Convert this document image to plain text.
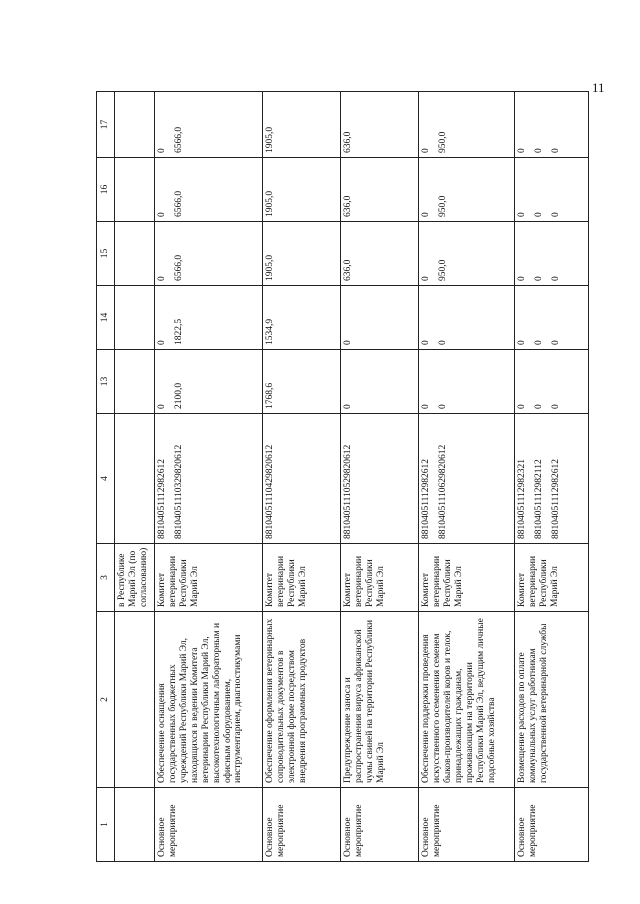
11
1	2	3	4	13	14	15	16	17
		в Республике Марий Эл (по согласованию)						
Основное мероприятие	Обеспечение оснащения государственных бюджетных учреждений Республики Марий Эл, находящихся в ведении Комитета ветеринарии Республики Марий Эл, высокотехнологичным лабораторным и офисным оборудованием, инструментарием, диагностикумами	Комитет ветеринарии Республики Марий Эл	88104051112982612 88104051110329820612	0 2100,0	0 1822,5	0 6566,0	0 6566,0	0 6566,0

Основное мероприятие	Обеспечение оформления ветеринарных сопроводительных документов в электронной форме посредством внедрения программных продуктов	Комитет ветеринарии Республики Марий Эл	88104051110429820612	1768,6	1534,9	1905,0	1905,0	1905,0
Основное мероприятие	Предупреждение заноса и распространения вируса африканской чумы свиней на территории Республики Марий Эл	Комитет ветеринарии Республики Марий Эл	88104051110529820612	0	0	636,0	636,0	636,0
Основное мероприятие	Обеспечение поддержки проведения искусственного осеменения семенем быков-производителей коров и телок, принадлежащих гражданам, проживающим на территории Республики Марий Эл, ведущим личные подсобные хозяйства	Комитет ветеринарии Республики Марий Эл	88104051112982612 88104051110629820612	0 0	0 0	0 950,0	0 950,0	0 950,0

Основное мероприятие	Возмещение расходов по оплате коммунальных услуг работникам государственной ветеринарной службы	Комитет ветеринарии Республики Марий Эл	88104051112982321 88104051112982112 88104051112982612	0 0 0	0 0 0	0 0 0	0 0 0	0 0 0
